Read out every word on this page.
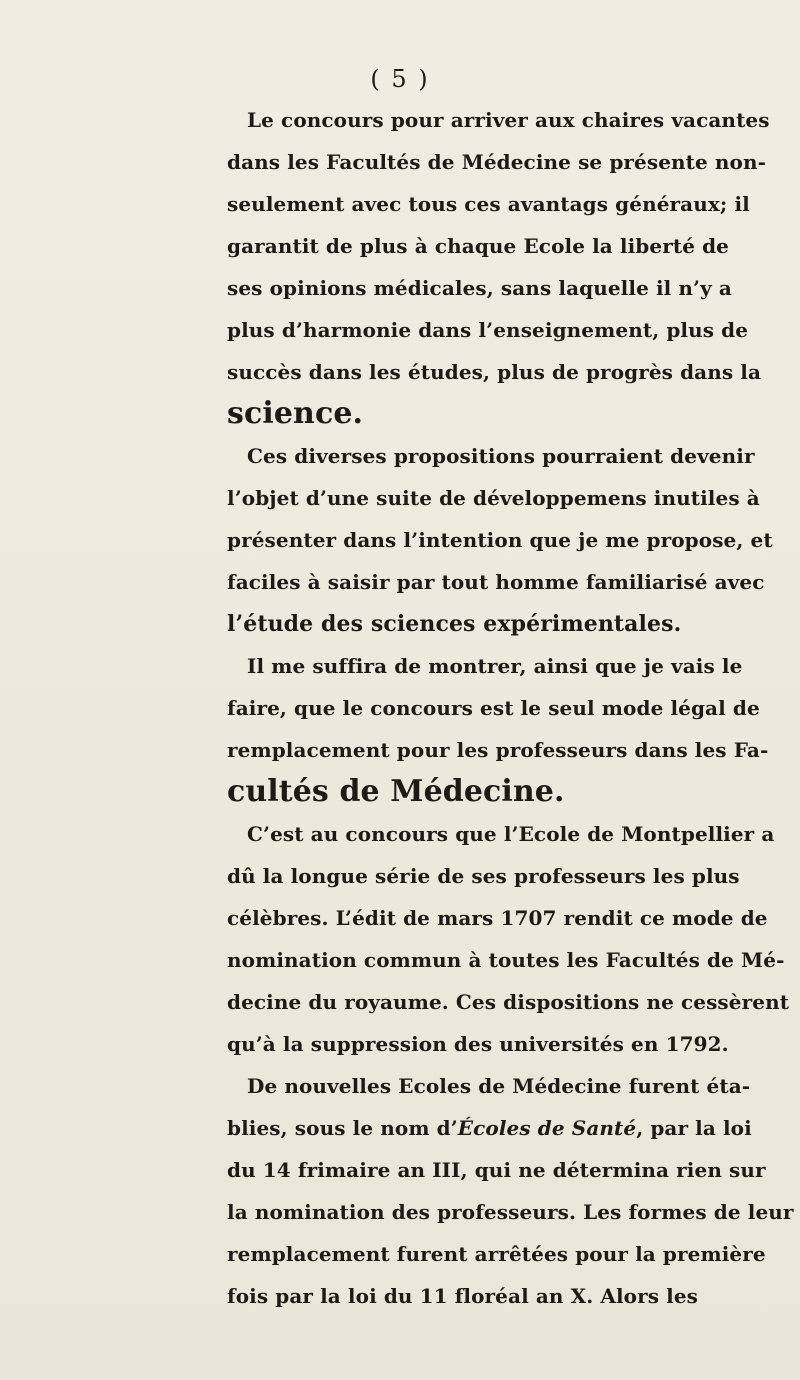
( 5 )
Le concours pour arriver aux chaires vacantes
dans les Facultés de Médecine se présente non-
seulement avec tous ces avantags généraux; il
garantit de plus à chaque Ecole la liberté de
ses opinions médicales, sans laquelle il n’y a
plus d’harmonie dans l’enseignement, plus de
succès dans les études, plus de progrès dans la
science.
Ces diverses propositions pourraient devenir
l’objet d’une suite de développemens inutiles à
présenter dans l’intention que je me propose, et
faciles à saisir par tout homme familiarisé avec
l’étude des sciences expérimentales.
Il me suffira de montrer, ainsi que je vais le
faire, que le concours est le seul mode légal de
remplacement pour les professeurs dans les Fa-
cultés de Médecine.
C’est au concours que l’Ecole de Montpellier a
dû la longue série de ses professeurs les plus
célèbres. L’édit de mars 1707 rendit ce mode de
nomination commun à toutes les Facultés de Mé-
decine du royaume. Ces dispositions ne cessèrent
qu’à la suppression des universités en 1792.
De nouvelles Ecoles de Médecine furent éta-
blies, sous le nom d’Écoles de Santé, par la loi
du 14 frimaire an III, qui ne détermina rien sur
la nomination des professeurs. Les formes de leur
remplacement furent arrêtées pour la première
fois par la loi du 11 floréal an X. Alors les
